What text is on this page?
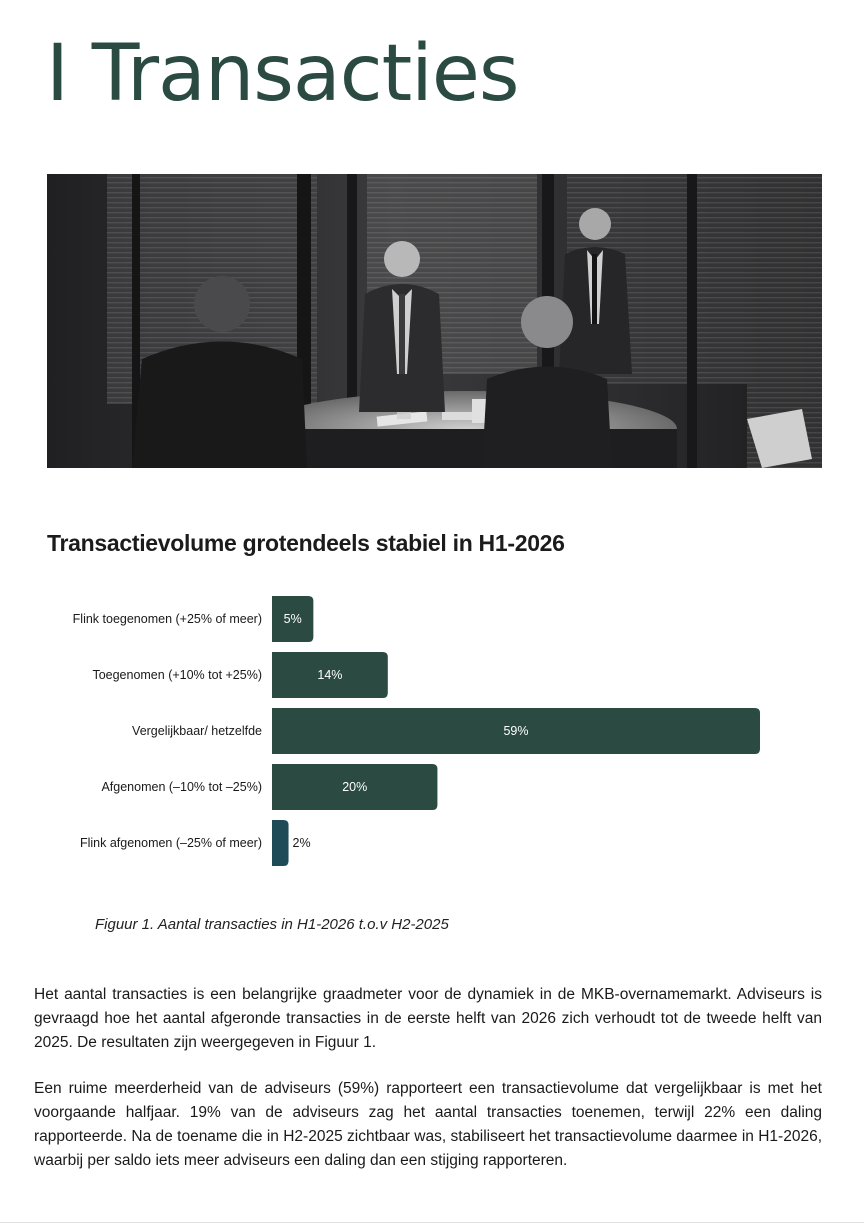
I Transacties
Transactievolume grotendeels stabiel in H1-2026
Flink toegenomen (+25% of meer) 5%
Toegenomen (+10% tot +25%)	14%
Vergelijkbaar/ hetzelfde	59%
Afgenomen (–10% tot –25%)	20%
Flink afgenomen (–25% of meer) 2%

Figuur 1. Aantal transacties in H1-2026 t.o.v H2-2025

Het aantal transacties is een belangrijke graadmeter voor de dynamiek in de MKB-overnamemarkt. Adviseurs is gevraagd hoe het aantal afgeronde transacties in de eerste helft van 2026 zich verhoudt tot de tweede helft van 2025. De resultaten zijn weergegeven in Figuur 1.

Een ruime meerderheid van de adviseurs (59%) rapporteert een transactievolume dat vergelijkbaar is met het voorgaande halfjaar. 19% van de adviseurs zag het aantal transacties toenemen, terwijl 22% een daling rapporteerde. Na de toename die in H2-2025 zichtbaar was, stabiliseert het transactievolume daarmee in H1-2026, waarbij per saldo iets meer adviseurs een daling dan een stijging rapporteren.
